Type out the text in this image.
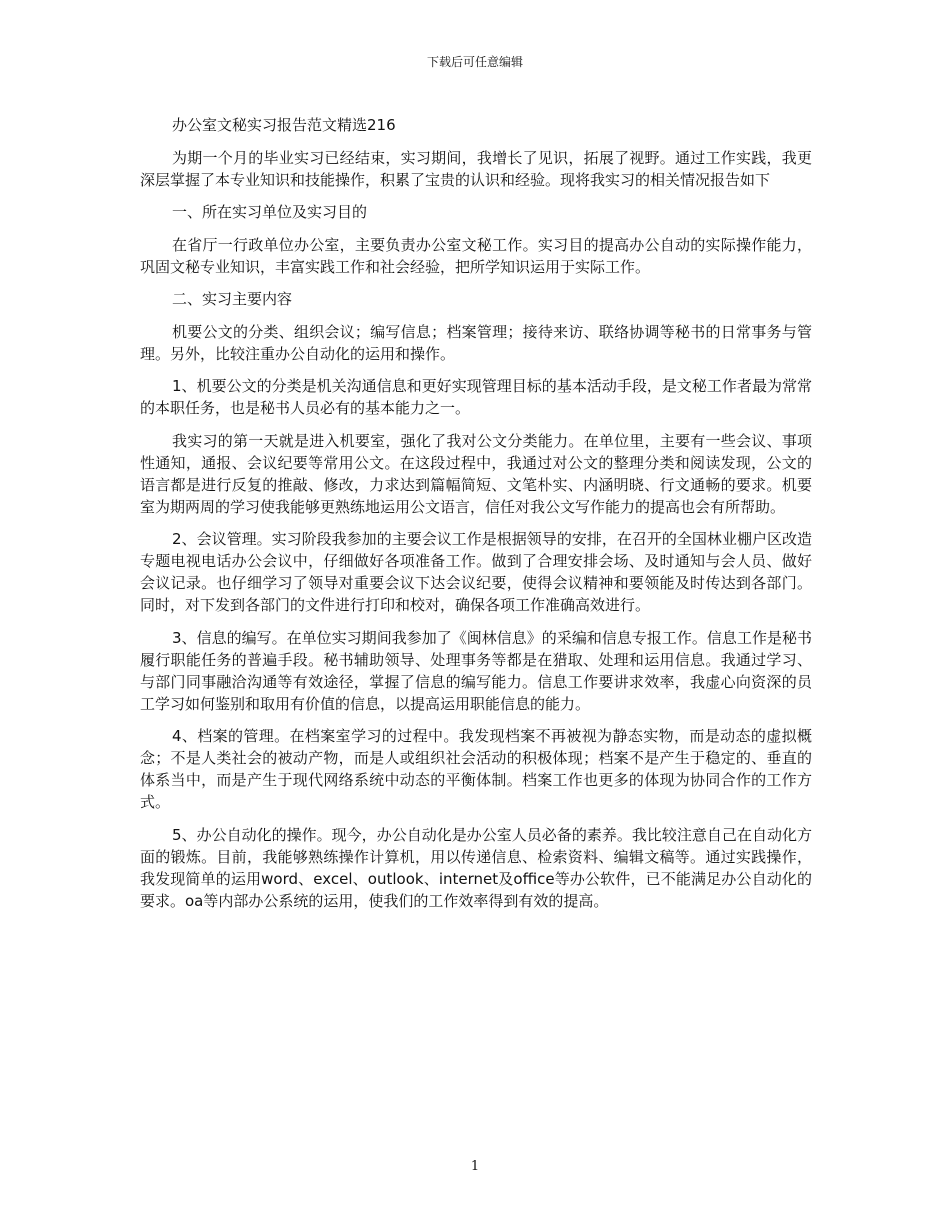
下载后可任意编辑

办公室文秘实习报告范文精选216

为期一个月的毕业实习已经结束，实习期间，我增长了见识，拓展了视野。通过工作实践，我更深层掌握了本专业知识和技能操作，积累了宝贵的认识和经验。现将我实习的相关情况报告如下

一、所在实习单位及实习目的

在省厅一行政单位办公室，主要负责办公室文秘工作。实习目的提高办公自动的实际操作能力，巩固文秘专业知识，丰富实践工作和社会经验，把所学知识运用于实际工作。

二、实习主要内容

机要公文的分类、组织会议；编写信息；档案管理；接待来访、联络协调等秘书的日常事务与管理。另外，比较注重办公自动化的运用和操作。

1、机要公文的分类是机关沟通信息和更好实现管理目标的基本活动手段，是文秘工作者最为常常的本职任务，也是秘书人员必有的基本能力之一。

我实习的第一天就是进入机要室，强化了我对公文分类能力。在单位里，主要有一些会议、事项性通知，通报、会议纪要等常用公文。在这段过程中，我通过对公文的整理分类和阅读发现，公文的语言都是进行反复的推敲、修改，力求达到篇幅简短、文笔朴实、内涵明晓、行文通畅的要求。机要室为期两周的学习使我能够更熟练地运用公文语言，信任对我公文写作能力的提高也会有所帮助。

2、会议管理。实习阶段我参加的主要会议工作是根据领导的安排，在召开的全国林业棚户区改造专题电视电话办公会议中，仔细做好各项准备工作。做到了合理安排会场、及时通知与会人员、做好会议记录。也仔细学习了领导对重要会议下达会议纪要，使得会议精神和要领能及时传达到各部门。同时，对下发到各部门的文件进行打印和校对，确保各项工作准确高效进行。

3、信息的编写。在单位实习期间我参加了《闽林信息》的采编和信息专报工作。信息工作是秘书履行职能任务的普遍手段。秘书辅助领导、处理事务等都是在猎取、处理和运用信息。我通过学习、与部门同事融洽沟通等有效途径，掌握了信息的编写能力。信息工作要讲求效率，我虚心向资深的员工学习如何鉴别和取用有价值的信息，以提高运用职能信息的能力。

4、档案的管理。在档案室学习的过程中。我发现档案不再被视为静态实物，而是动态的虚拟概念；不是人类社会的被动产物，而是人或组织社会活动的积极体现；档案不是产生于稳定的、垂直的体系当中，而是产生于现代网络系统中动态的平衡体制。档案工作也更多的体现为协同合作的工作方式。

5、办公自动化的操作。现今，办公自动化是办公室人员必备的素养。我比较注意自己在自动化方面的锻炼。目前，我能够熟练操作计算机，用以传递信息、检索资料、编辑文稿等。通过实践操作，我发现简单的运用word、excel、outlook、internet及office等办公软件，已不能满足办公自动化的要求。oa等内部办公系统的运用，使我们的工作效率得到有效的提高。

1
